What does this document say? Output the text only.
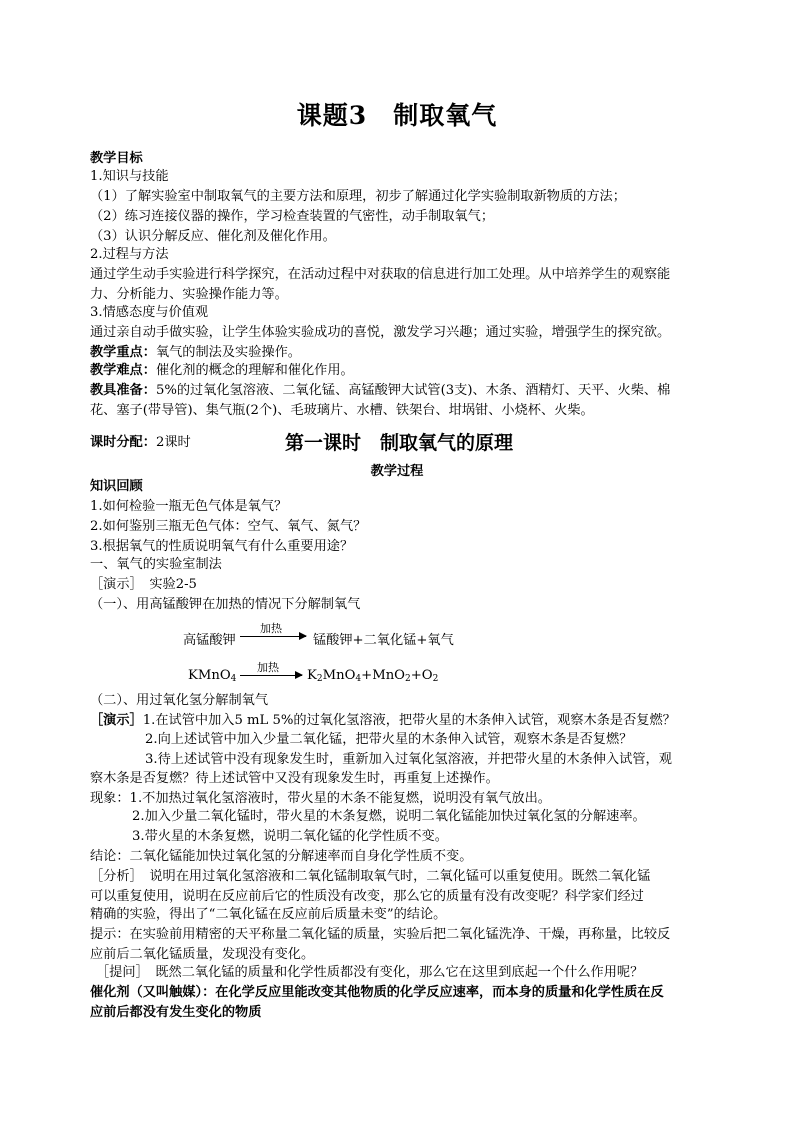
课题3　制取氧气
教学目标
1.知识与技能
（1）了解实验室中制取氧气的主要方法和原理，初步了解通过化学实验制取新物质的方法；
（2）练习连接仪器的操作，学习检查装置的气密性，动手制取氧气；
（3）认识分解反应、催化剂及催化作用。
2.过程与方法
通过学生动手实验进行科学探究，在活动过程中对获取的信息进行加工处理。从中培养学生的观察能
力、分析能力、实验操作能力等。
3.情感态度与价值观
通过亲自动手做实验，让学生体验实验成功的喜悦，激发学习兴趣；通过实验，增强学生的探究欲。
教学重点：氧气的制法及实验操作。
教学难点：催化剂的概念的理解和催化作用。
教具准备：5%的过氧化氢溶液、二氧化锰、高锰酸钾大试管(3支)、木条、酒精灯、天平、火柴、棉
花、塞子(带导管)、集气瓶(2个)、毛玻璃片、水槽、铁架台、坩埚钳、小烧杯、火柴。
课时分配：2课时	第一课时　制取氧气的原理
教学过程
知识回顾
1.如何检验一瓶无色气体是氧气？
2.如何鉴别三瓶无色气体：空气、氧气、氮气？
3.根据氧气的性质说明氧气有什么重要用途？
一、氧气的实验室制法
［演示］　实验2-5
（一）、用高锰酸钾在加热的情况下分解制氧气
高锰酸钾
加热
锰酸钾+二氧化锰+氧气
KMnO$_4$
加热
$K_2MnO_4+MnO_2+O_2$
（二）、用过氧化氢分解制氧气
［演示］1.在试管中加入5 mL 5%的过氧化氢溶液，把带火星的木条伸入试管，观察木条是否复燃？
2.向上述试管中加入少量二氧化锰，把带火星的木条伸入试管，观察木条是否复燃？
3.待上述试管中没有现象发生时，重新加入过氧化氢溶液，并把带火星的木条伸入试管，观
察木条是否复燃？待上述试管中又没有现象发生时，再重复上述操作。
现象：1.不加热过氧化氢溶液时，带火星的木条不能复燃，说明没有氧气放出。
2.加入少量二氧化锰时，带火星的木条复燃，说明二氧化锰能加快过氧化氢的分解速率。
3.带火星的木条复燃，说明二氧化锰的化学性质不变。
结论：二氧化锰能加快过氧化氢的分解速率而自身化学性质不变。
［分析］　说明在用过氧化氢溶液和二氧化锰制取氧气时，二氧化锰可以重复使用。既然二氧化锰
可以重复使用，说明在反应前后它的性质没有改变，那么它的质量有没有改变呢？科学家们经过
精确的实验，得出了“二氧化锰在反应前后质量未变”的结论。
提示：在实验前用精密的天平称量二氧化锰的质量，实验后把二氧化锰洗净、干燥，再称量，比较反
应前后二氧化锰质量，发现没有变化。
［提问］　既然二氧化锰的质量和化学性质都没有变化，那么它在这里到底起一个什么作用呢？
催化剂（又叫触媒）：在化学反应里能改变其他物质的化学反应速率，而本身的质量和化学性质在反
应前后都没有发生变化的物质
